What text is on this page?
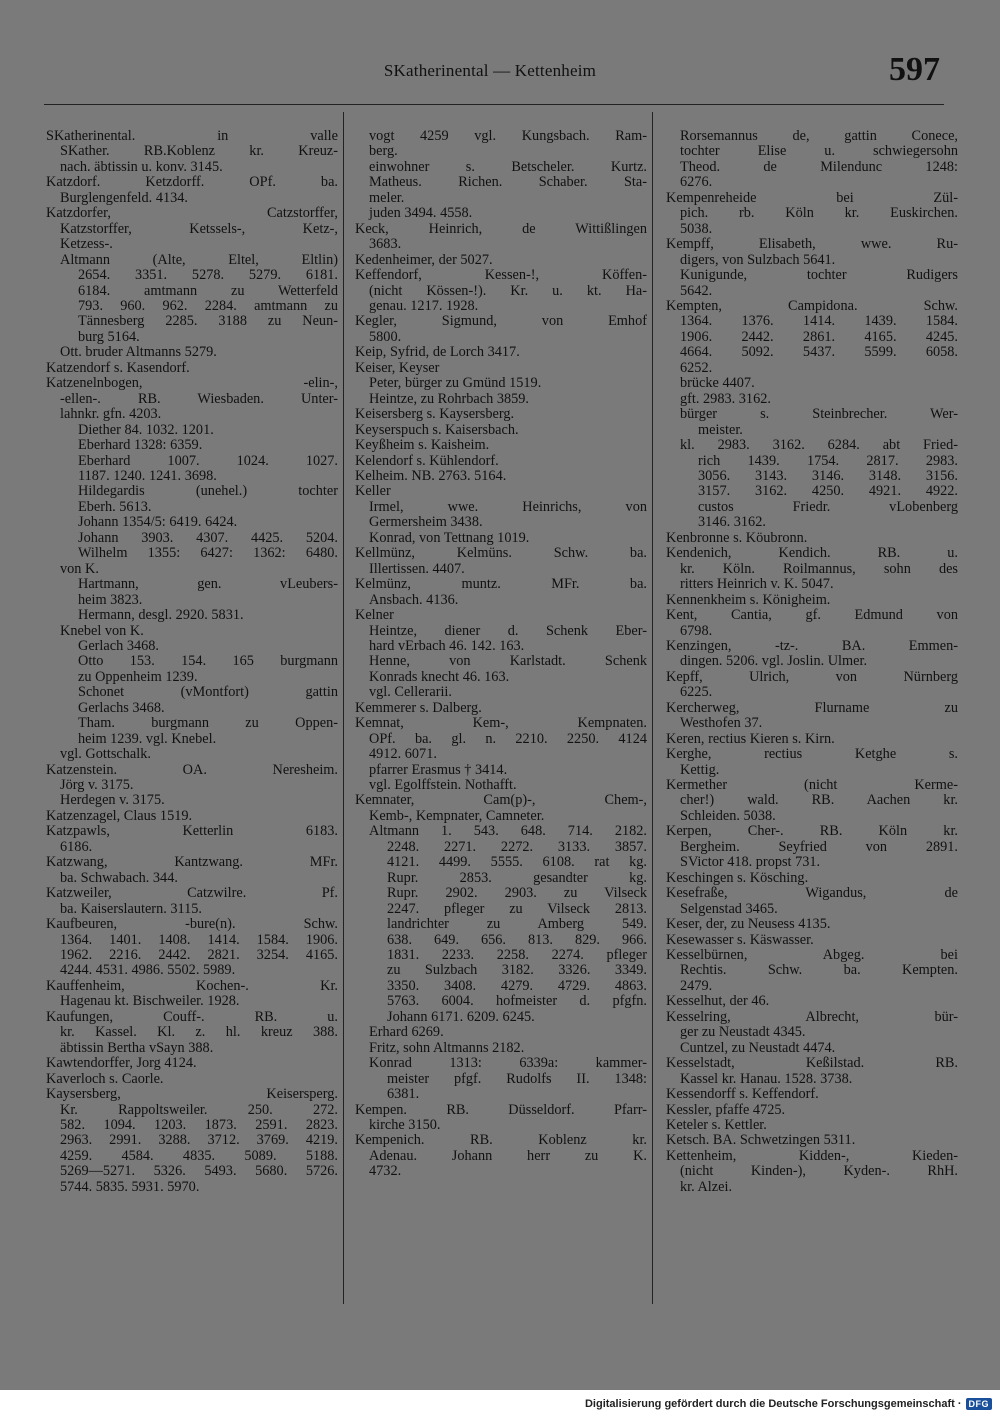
SKatherinental — Kettenheim	597
SKatherinental. in valle
SKather. RB.Koblenz kr. Kreuz-
nach. äbtissin u. konv. 3145.
Katzdorf. Ketzdorff. OPf. ba.
Burglengenfeld. 4134.
Katzdorfer, Catzstorffer,
Katzstorffer, Ketssels-, Ketz-,
Ketzess-.
Altmann (Alte, Eltel, Eltlin)
2654. 3351. 5278. 5279. 6181.
6184. amtmann zu Wetterfeld
793. 960. 962. 2284. amtmann zu
Tännesberg 2285. 3188 zu Neun-
burg 5164.
Ott. bruder Altmanns 5279.
Katzendorf s. Kasendorf.
Katzenelnbogen, -elin-,
-ellen-. RB. Wiesbaden. Unter-
lahnkr. gfn. 4203.
Diether 84. 1032. 1201.
Eberhard 1328: 6359.
Eberhard 1007. 1024. 1027.
1187. 1240. 1241. 3698.
Hildegardis (unehel.) tochter
Eberh. 5613.
Johann 1354/5: 6419. 6424.
Johann 3903. 4307. 4425. 5204.
Wilhelm 1355: 6427: 1362: 6480.
von K.
Hartmann, gen. vLeubers-
heim 3823.
Hermann, desgl. 2920. 5831.
Knebel von K.
Gerlach 3468.
Otto 153. 154. 165 burgmann
zu Oppenheim 1239.
Schonet (vMontfort) gattin
Gerlachs 3468.
Tham. burgmann zu Oppen-
heim 1239. vgl. Knebel.
vgl. Gottschalk.
Katzenstein. OA. Neresheim.
Jörg v. 3175.
Herdegen v. 3175.
Katzenzagel, Claus 1519.
Katzpawls, Ketterlin 6183.
6186.
Katzwang, Kantzwang. MFr.
ba. Schwabach. 344.
Katzweiler, Catzwilre. Pf.
ba. Kaiserslautern. 3115.
Kaufbeuren, -bure(n). Schw.
1364. 1401. 1408. 1414. 1584. 1906.
1962. 2216. 2442. 2821. 3254. 4165.
4244. 4531. 4986. 5502. 5989.
Kauffenheim, Kochen-. Kr.
Hagenau kt. Bischweiler. 1928.
Kaufungen, Couff-. RB. u.
kr. Kassel. Kl. z. hl. kreuz 388.
äbtissin Bertha vSayn 388.
Kawtendorffer, Jorg 4124.
Kaverloch s. Caorle.
Kaysersberg, Keisersperg.
Kr. Rappoltsweiler. 250. 272.
582. 1094. 1203. 1873. 2591. 2823.
2963. 2991. 3288. 3712. 3769. 4219.
4259. 4584. 4835. 5089. 5188.
5269—5271. 5326. 5493. 5680. 5726.
5744. 5835. 5931. 5970.
vogt 4259 vgl. Kungsbach. Ram-
berg.
einwohner s. Betscheler. Kurtz.
Matheus. Richen. Schaber. Sta-
meler.
juden 3494. 4558.
Keck, Heinrich, de Wittißlingen
3683.
Kedenheimer, der 5027.
Keffendorf, Kessen-!, Köffen-
(nicht Kössen-!). Kr. u. kt. Ha-
genau. 1217. 1928.
Kegler, Sigmund, von Emhof
5800.
Keip, Syfrid, de Lorch 3417.
Keiser, Keyser
Peter, bürger zu Gmünd 1519.
Heintze, zu Rohrbach 3859.
Keisersberg s. Kaysersberg.
Keyserspuch s. Kaisersbach.
Keyßheim s. Kaisheim.
Kelendorf s. Kühlendorf.
Kelheim. NB. 2763. 5164.
Keller
Irmel, wwe. Heinrichs, von
Germersheim 3438.
Konrad, von Tettnang 1019.
Kellmünz, Kelmüns. Schw. ba.
Illertissen. 4407.
Kelmünz, muntz. MFr. ba.
Ansbach. 4136.
Kelner
Heintze, diener d. Schenk Eber-
hard vErbach 46. 142. 163.
Henne, von Karlstadt. Schenk
Konrads knecht 46. 163.
vgl. Cellerarii.
Kemmerer s. Dalberg.
Kemnat, Kem-, Kempnaten.
OPf. ba. gl. n. 2210. 2250. 4124
4912. 6071.
pfarrer Erasmus † 3414.
vgl. Egolffstein. Nothafft.
Kemnater, Cam(p)-, Chem-,
Kemb-, Kempnater, Camneter.
Altmann 1. 543. 648. 714. 2182.
2248. 2271. 2272. 3133. 3857.
4121. 4499. 5555. 6108. rat kg.
Rupr. 2853. gesandter kg.
Rupr. 2902. 2903. zu Vilseck
2247. pfleger zu Vilseck 2813.
landrichter zu Amberg 549.
638. 649. 656. 813. 829. 966.
1831. 2233. 2258. 2274. pfleger
zu Sulzbach 3182. 3326. 3349.
3350. 3408. 4279. 4729. 4863.
5763. 6004. hofmeister d. pfgfn.
Johann 6171. 6209. 6245.
Erhard 6269.
Fritz, sohn Altmanns 2182.
Konrad 1313: 6339a: kammer-
meister pfgf. Rudolfs II. 1348:
6381.
Kempen. RB. Düsseldorf. Pfarr-
kirche 3150.
Kempenich. RB. Koblenz kr.
Adenau. Johann herr zu K.
4732.
Rorsemannus de, gattin Conece,
tochter Elise u. schwiegersohn
Theod. de Milendunc 1248:
6276.
Kempenreheide bei Zül-
pich. rb. Köln kr. Euskirchen.
5038.
Kempff, Elisabeth, wwe. Ru-
digers, von Sulzbach 5641.
Kunigunde, tochter Rudigers
5642.
Kempten, Campidona. Schw.
1364. 1376. 1414. 1439. 1584.
1906. 2442. 2861. 4165. 4245.
4664. 5092. 5437. 5599. 6058.
6252.
brücke 4407.
gft. 2983. 3162.
bürger s. Steinbrecher. Wer-
meister.
kl. 2983. 3162. 6284. abt Fried-
rich 1439. 1754. 2817. 2983.
3056. 3143. 3146. 3148. 3156.
3157. 3162. 4250. 4921. 4922.
custos Friedr. vLobenberg
3146. 3162.
Kenbronne s. Köubronn.
Kendenich, Kendich. RB. u.
kr. Köln. Roilmannus, sohn des
ritters Heinrich v. K. 5047.
Kennenkheim s. Königheim.
Kent, Cantia, gf. Edmund von
6798.
Kenzingen, -tz-. BA. Emmen-
dingen. 5206. vgl. Joslin. Ulmer.
Kepff, Ulrich, von Nürnberg
6225.
Kercherweg, Flurname zu
Westhofen 37.
Keren, rectius Kieren s. Kirn.
Kerghe, rectius Ketghe s.
Kettig.
Kermether (nicht Kerme-
cher!) wald. RB. Aachen kr.
Schleiden. 5038.
Kerpen, Cher-. RB. Köln kr.
Bergheim. Seyfried von 2891.
SVictor 418. propst 731.
Keschingen s. Kösching.
Kesefraße, Wigandus, de
Selgenstad 3465.
Keser, der, zu Neusess 4135.
Kesewasser s. Käswasser.
Kesselbürnen, Abgeg. bei
Rechtis. Schw. ba. Kempten.
2479.
Kesselhut, der 46.
Kesselring, Albrecht, bür-
ger zu Neustadt 4345.
Cuntzel, zu Neustadt 4474.
Kesselstadt, Keßilstad. RB.
Kassel kr. Hanau. 1528. 3738.
Kessendorff s. Keffendorf.
Kessler, pfaffe 4725.
Keteler s. Kettler.
Ketsch. BA. Schwetzingen 5311.
Kettenheim, Kidden-, Kieden-
(nicht Kinden-), Kyden-. RhH.
kr. Alzei.
Digitalisierung gefördert durch die Deutsche Forschungsgemeinschaft · DFG
